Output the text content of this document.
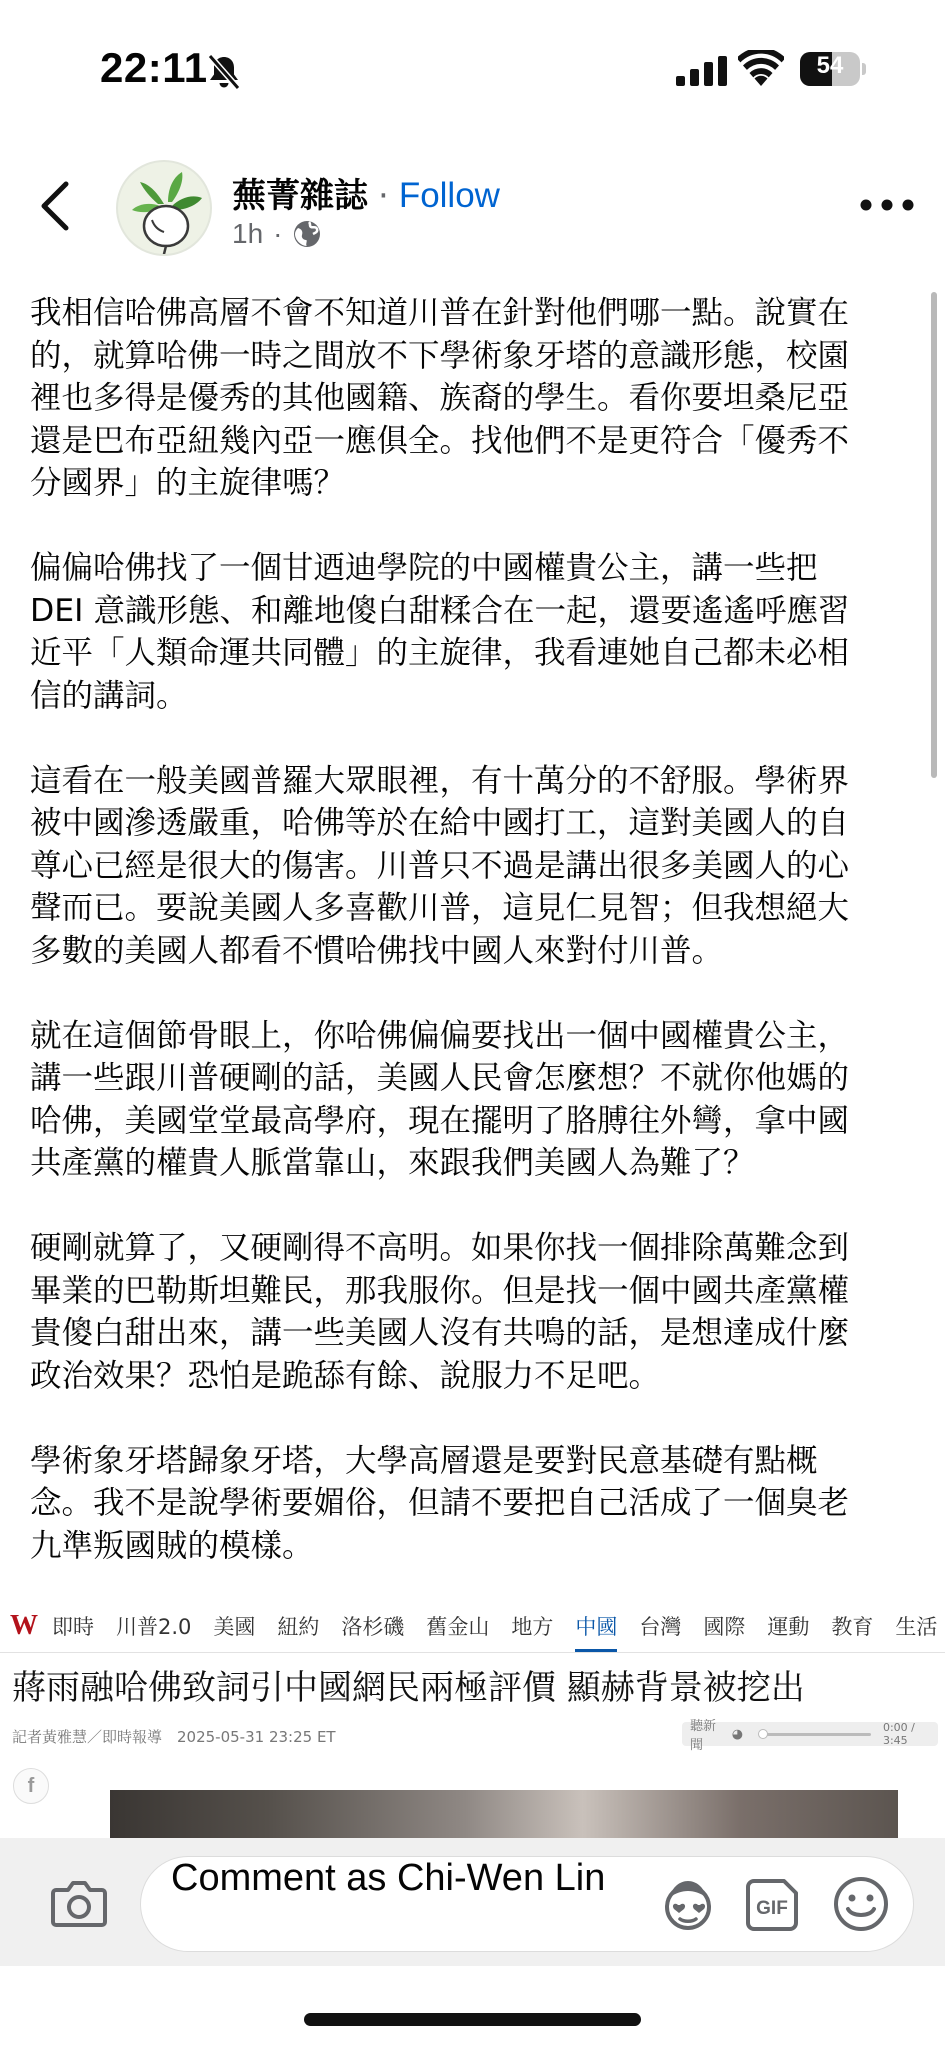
22:11	54
蕪菁雜誌 · Follow
1h ·
我相信哈佛高層不會不知道川普在針對他們哪一點。說實在
的，就算哈佛一時之間放不下學術象牙塔的意識形態，校園
裡也多得是優秀的其他國籍、族裔的學生。看你要坦桑尼亞
還是巴布亞紐幾內亞一應俱全。找他們不是更符合「優秀不
分國界」的主旋律嗎？
偏偏哈佛找了一個甘迺迪學院的中國權貴公主，講一些把
DEI 意識形態、和離地傻白甜糅合在一起，還要遙遙呼應習
近平「人類命運共同體」的主旋律，我看連她自己都未必相
信的講詞。
這看在一般美國普羅大眾眼裡，有十萬分的不舒服。學術界
被中國滲透嚴重，哈佛等於在給中國打工，這對美國人的自
尊心已經是很大的傷害。川普只不過是講出很多美國人的心
聲而已。要說美國人多喜歡川普，這見仁見智；但我想絕大
多數的美國人都看不慣哈佛找中國人來對付川普。
就在這個節骨眼上，你哈佛偏偏要找出一個中國權貴公主，
講一些跟川普硬剛的話，美國人民會怎麼想？不就你他媽的
哈佛，美國堂堂最高學府，現在擺明了胳膊往外彎，拿中國
共產黨的權貴人脈當靠山，來跟我們美國人為難了？
硬剛就算了，又硬剛得不高明。如果你找一個排除萬難念到
畢業的巴勒斯坦難民，那我服你。但是找一個中國共產黨權
貴傻白甜出來，講一些美國人沒有共鳴的話，是想達成什麼
政治效果？恐怕是跪舔有餘、說服力不足吧。
學術象牙塔歸象牙塔，大學高層還是要對民意基礎有點概
念。我不是說學術要媚俗，但請不要把自己活成了一個臭老
九準叛國賊的模樣。
W 即時 川普2.0 美國 紐約 洛杉磯 舊金山 地方 中國 台灣 國際 運動 教育 生活
蔣雨融哈佛致詞引中國網民兩極評價 顯赫背景被挖出
記者黃雅慧／即時報導　2025-05-31 23:25 ET
聽新聞
◕	0:00 / 3:45
f
Comment as Chi-Wen Lin
GIF
